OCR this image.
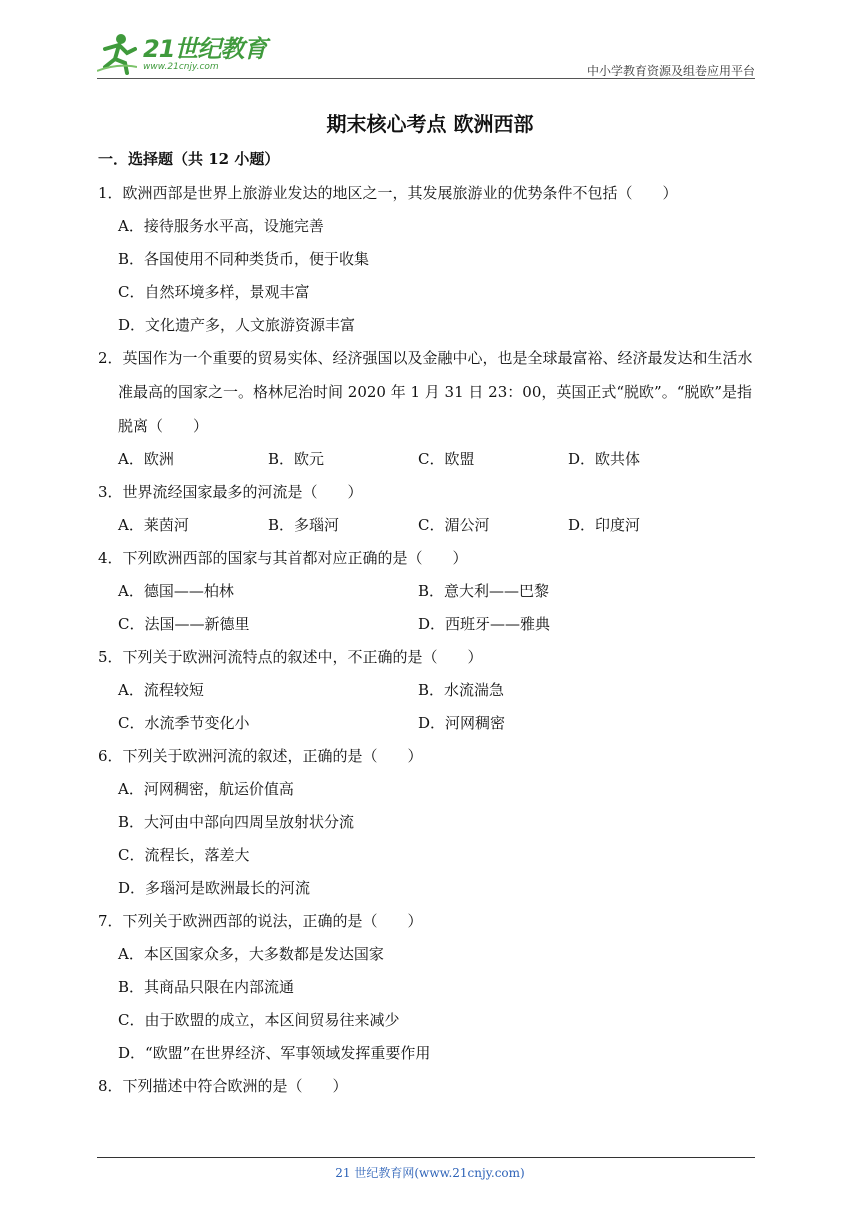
21世纪教育
www.21cnjy.com	中小学教育资源及组卷应用平台
期末核心考点 欧洲西部
一．选择题（共 12 小题）
1．欧洲西部是世界上旅游业发达的地区之一，其发展旅游业的优势条件不包括（　　）
A．接待服务水平高，设施完善
B．各国使用不同种类货币，便于收集
C．自然环境多样，景观丰富
D．文化遗产多，人文旅游资源丰富
2．英国作为一个重要的贸易实体、经济强国以及金融中心，也是全球最富裕、经济最发达和生活水
准最高的国家之一。格林尼治时间 2020 年 1 月 31 日 23：00，英国正式“脱欧”。“脱欧”是指
脱离（　　）
A．欧洲	B．欧元	C．欧盟	D．欧共体
3．世界流经国家最多的河流是（　　）
A．莱茵河	B．多瑙河	C．湄公河	D．印度河
4．下列欧洲西部的国家与其首都对应正确的是（　　）
A．德国——柏林	B．意大利——巴黎
C．法国——新德里	D．西班牙——雅典
5．下列关于欧洲河流特点的叙述中，不正确的是（　　）
A．流程较短	B．水流湍急
C．水流季节变化小	D．河网稠密
6．下列关于欧洲河流的叙述，正确的是（　　）
A．河网稠密，航运价值高
B．大河由中部向四周呈放射状分流
C．流程长，落差大
D．多瑙河是欧洲最长的河流
7．下列关于欧洲西部的说法，正确的是（　　）
A．本区国家众多，大多数都是发达国家
B．其商品只限在内部流通
C．由于欧盟的成立，本区间贸易往来减少
D．“欧盟”在世界经济、军事领域发挥重要作用
8．下列描述中符合欧洲的是（　　）
21 世纪教育网(www.21cnjy.com)
